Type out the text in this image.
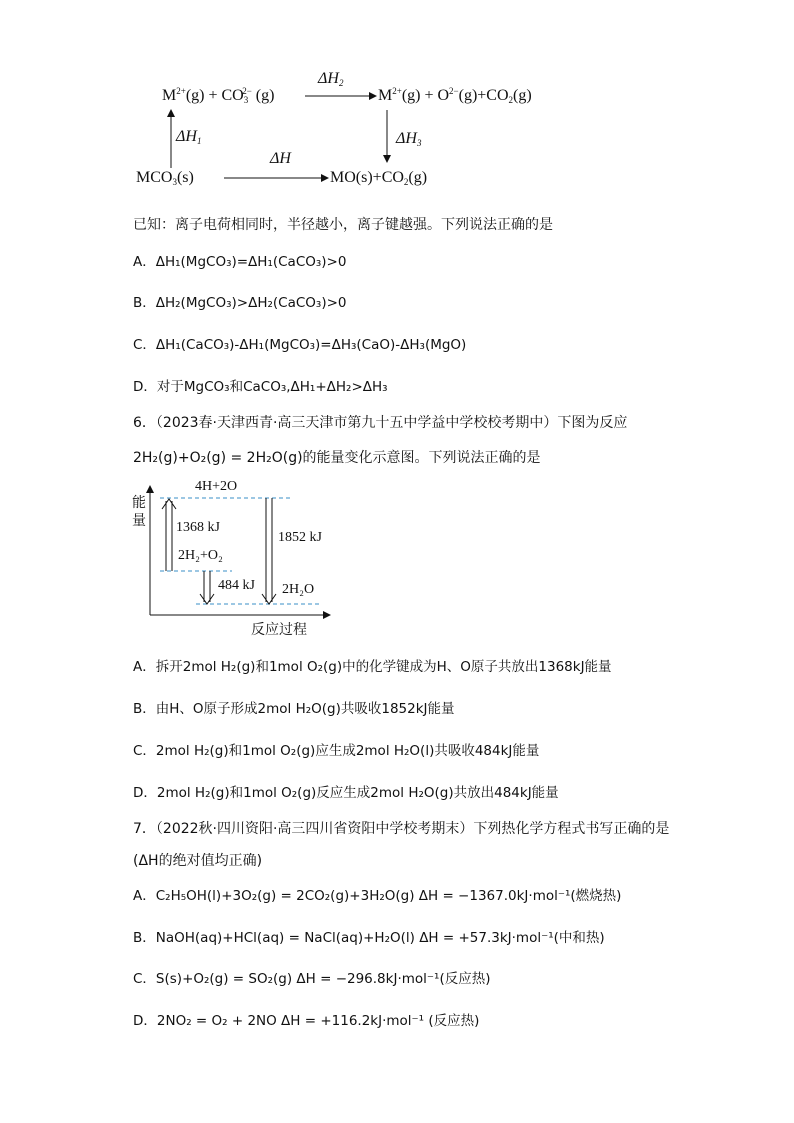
$M^{2+}(g) + CO_3^{2-}$ (g)	$M^{2+}(g) + O^{2-}(g)+CO_2(g)$
$MCO_3(s)$	$MO(s)+CO_2(g)$
$\Delta H_2$
$\Delta H_1$	$\Delta H_3$
ΔH
已知：离子电荷相同时，半径越小，离子键越强。下列说法正确的是
A．ΔH₁(MgCO₃)=ΔH₁(CaCO₃)>0
B．ΔH₂(MgCO₃)>ΔH₂(CaCO₃)>0
C．ΔH₁(CaCO₃)-ΔH₁(MgCO₃)=ΔH₃(CaO)-ΔH₃(MgO)
D．对于MgCO₃和CaCO₃,ΔH₁+ΔH₂>ΔH₃
6．（2023春·天津西青·高三天津市第九十五中学益中学校校考期中）下图为反应
2H₂(g)+O₂(g) = 2H₂O(g)的能量变化示意图。下列说法正确的是
能量
反应过程
4H+2O
1368 kJ
1852 kJ
2H₂+O₂
484 kJ 2H₂O
A．拆开2mol H₂(g)和1mol O₂(g)中的化学键成为H、O原子共放出1368kJ能量
B．由H、O原子形成2mol H₂O(g)共吸收1852kJ能量
C．2mol H₂(g)和1mol O₂(g)应生成2mol H₂O(l)共吸收484kJ能量
D．2mol H₂(g)和1mol O₂(g)反应生成2mol H₂O(g)共放出484kJ能量
7．（2022秋·四川资阳·高三四川省资阳中学校考期末）下列热化学方程式书写正确的是
(ΔH的绝对值均正确)
A．C₂H₅OH(l)+3O₂(g) = 2CO₂(g)+3H₂O(g) ΔH = −1367.0kJ·mol⁻¹(燃烧热)
B．NaOH(aq)+HCl(aq) = NaCl(aq)+H₂O(l) ΔH = +57.3kJ·mol⁻¹(中和热)
C．S(s)+O₂(g) = SO₂(g) ΔH = −296.8kJ·mol⁻¹(反应热)
D．2NO₂ = O₂ + 2NO ΔH = +116.2kJ·mol⁻¹ (反应热)
